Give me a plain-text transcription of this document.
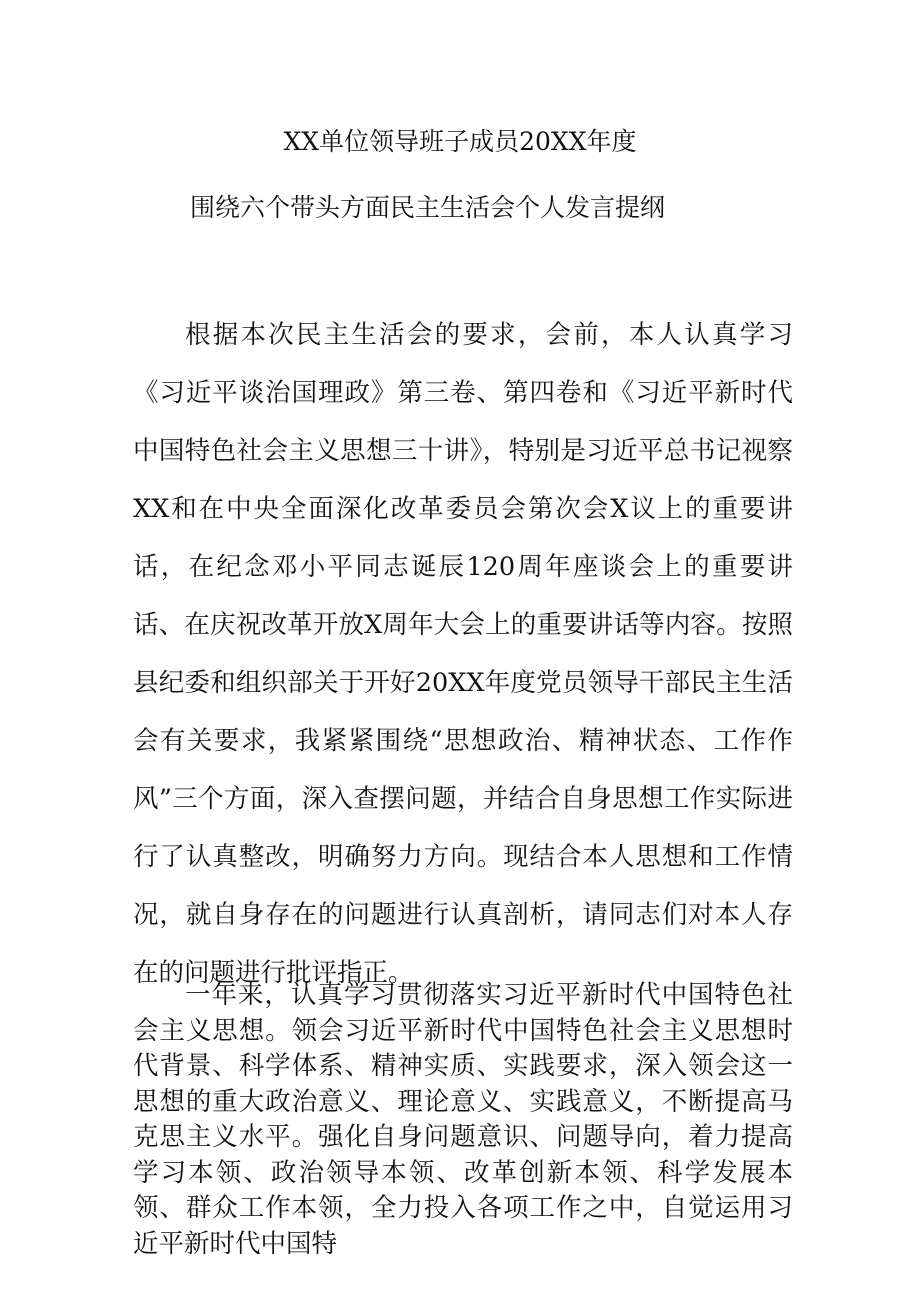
XX单位领导班子成员20XX年度
围绕六个带头方面民主生活会个人发言提纲

根据本次民主生活会的要求，会前，本人认真学习《习近平谈治国理政》第三卷、第四卷和《习近平新时代中国特色社会主义思想三十讲》，特别是习近平总书记视察XX和在中央全面深化改革委员会第次会X议上的重要讲话，在纪念邓小平同志诞辰120周年座谈会上的重要讲话、在庆祝改革开放X周年大会上的重要讲话等内容。按照县纪委和组织部关于开好20XX年度党员领导干部民主生活会有关要求，我紧紧围绕“思想政治、精神状态、工作作风”三个方面，深入查摆问题，并结合自身思想工作实际进行了认真整改，明确努力方向。现结合本人思想和工作情况，就自身存在的问题进行认真剖析，请同志们对本人存在的问题进行批评指正。

一年来，认真学习贯彻落实习近平新时代中国特色社会主义思想。领会习近平新时代中国特色社会主义思想时代背景、科学体系、精神实质、实践要求，深入领会这一思想的重大政治意义、理论意义、实践意义，不断提高马克思主义水平。强化自身问题意识、问题导向，着力提高学习本领、政治领导本领、改革创新本领、科学发展本领、群众工作本领，全力投入各项工作之中，自觉运用习近平新时代中国特
